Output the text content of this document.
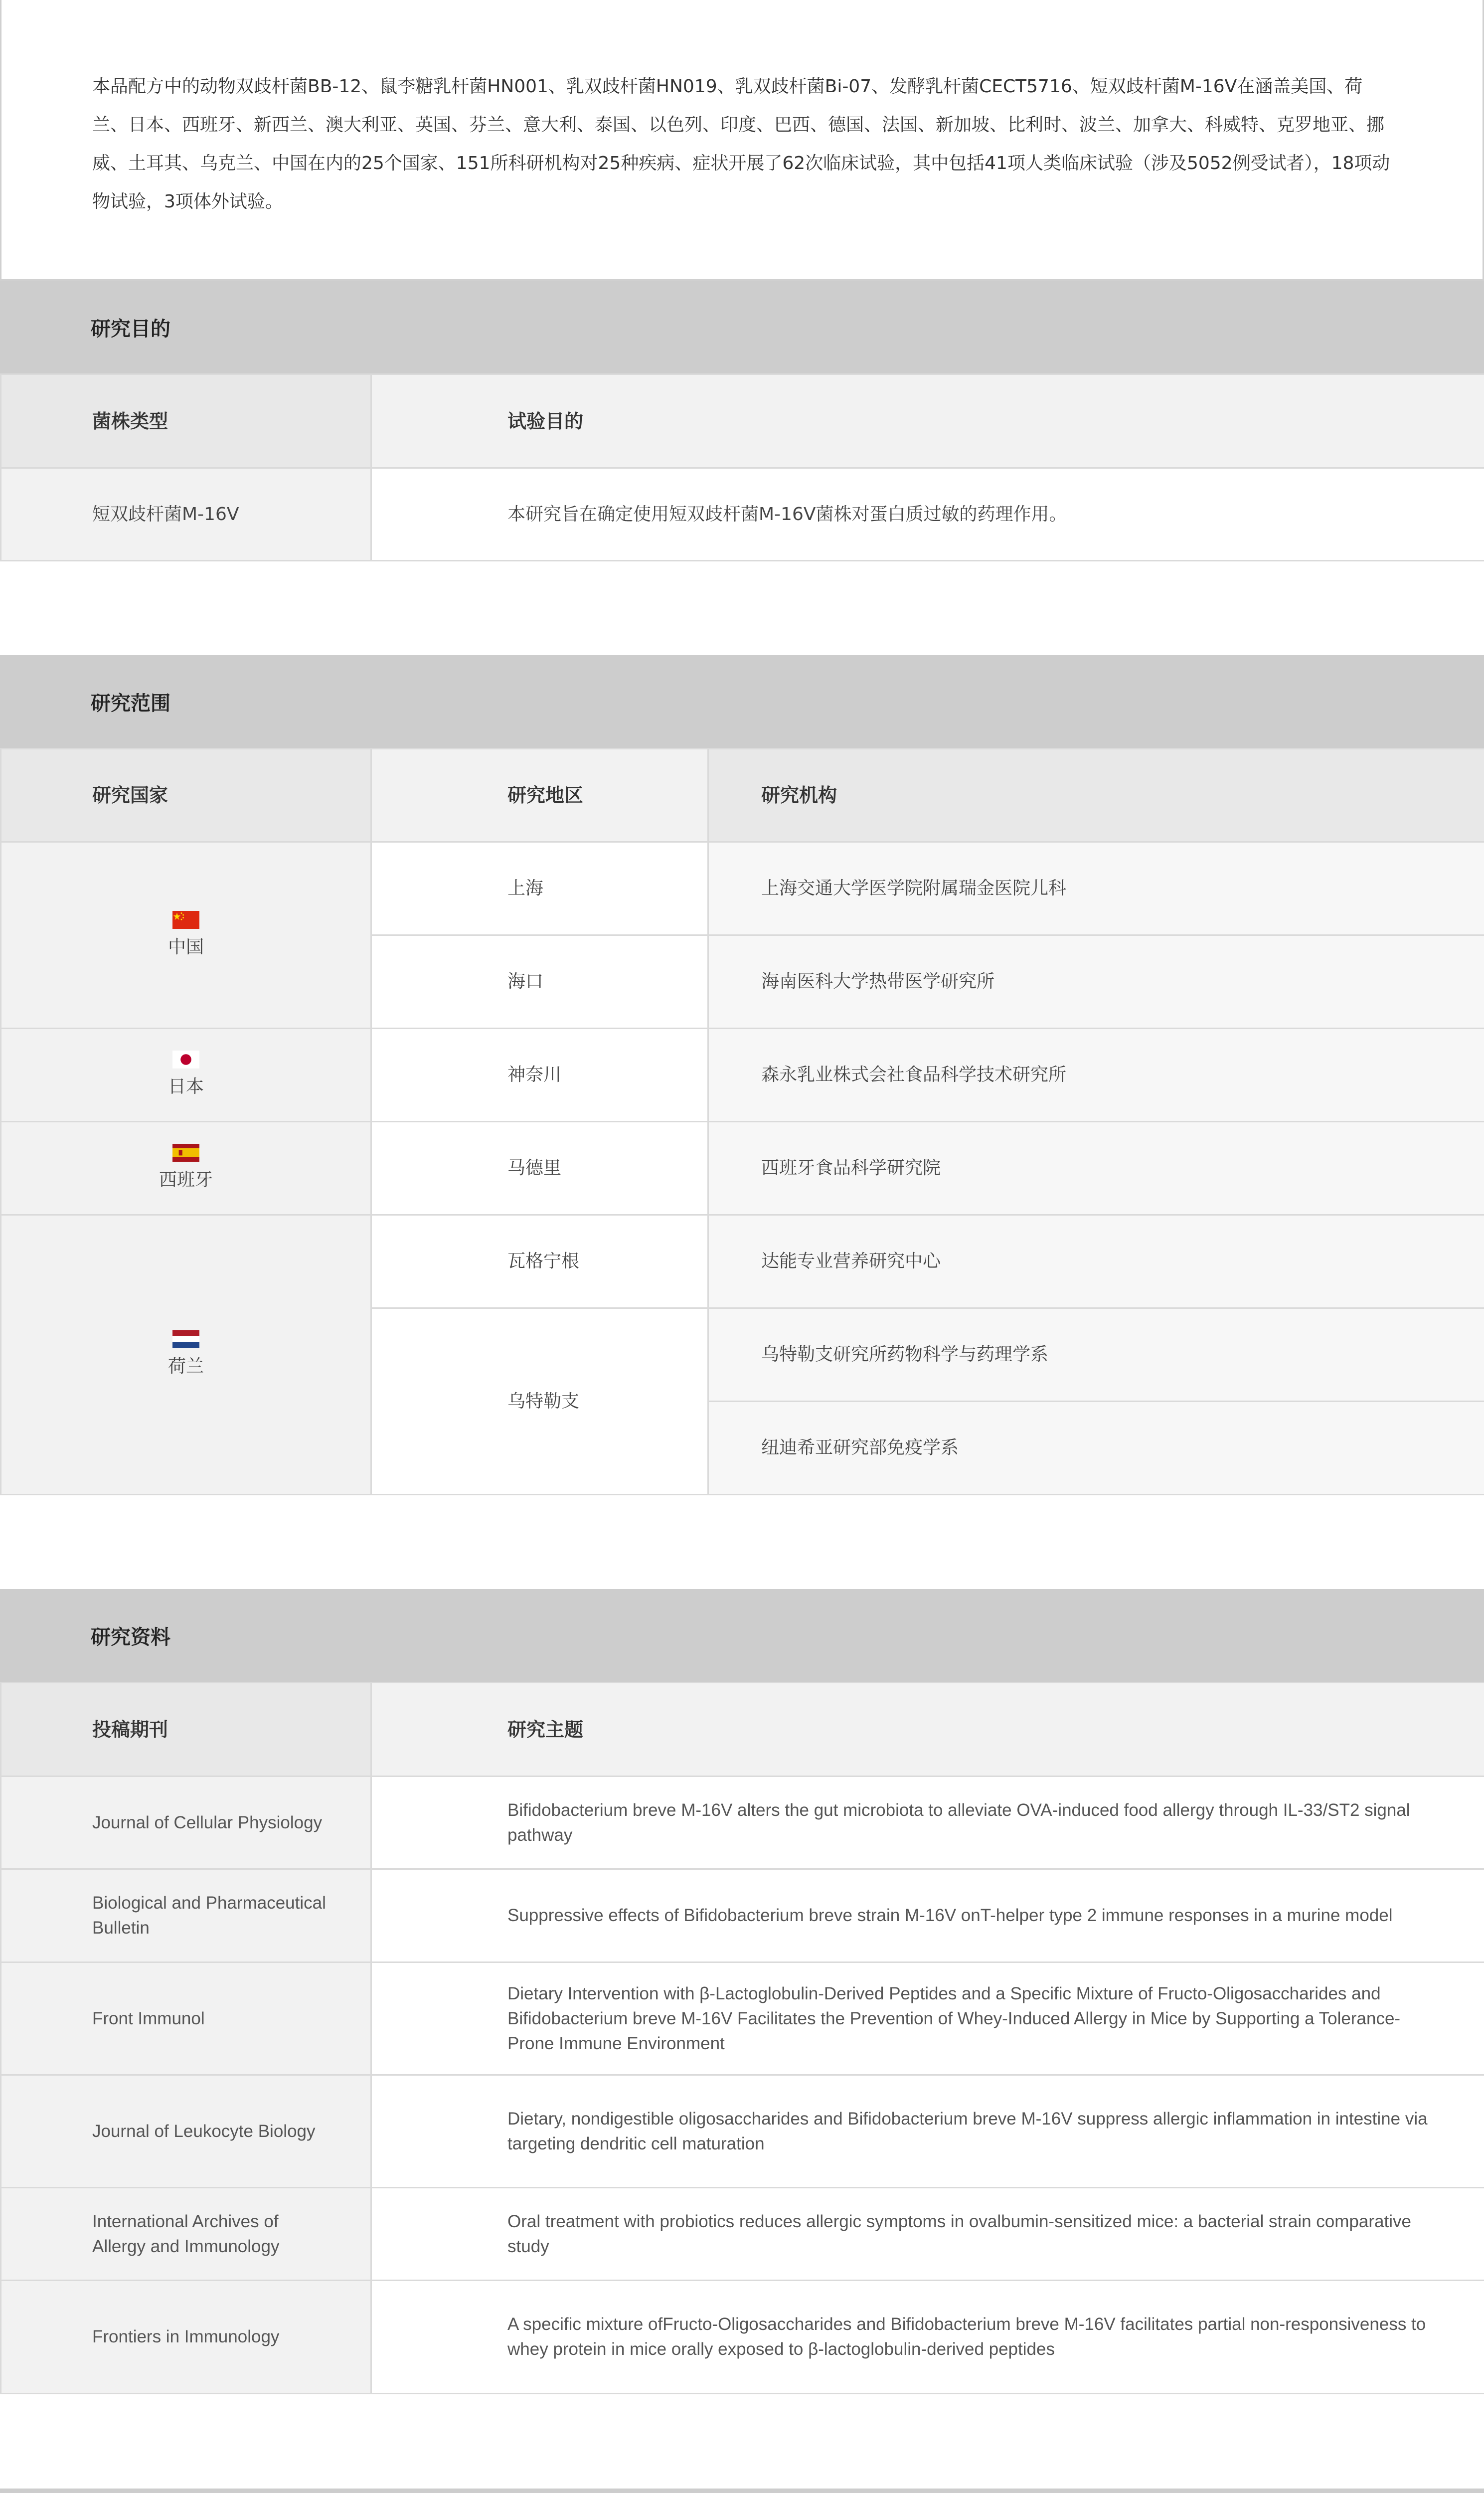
本品配方中的动物双歧杆菌BB-12、鼠李糖乳杆菌HN001、乳双歧杆菌HN019、乳双歧杆菌Bi-07、发酵乳杆菌CECT5716、短双歧杆菌M-16V在涵盖美国、荷兰、日本、西班牙、新西兰、澳大利亚、英国、芬兰、意大利、泰国、以色列、印度、巴西、德国、法国、新加坡、比利时、波兰、加拿大、科威特、克罗地亚、挪威、土耳其、乌克兰、中国在内的25个国家、151所科研机构对25种疾病、症状开展了62次临床试验，其中包括41项人类临床试验（涉及5052例受试者），18项动物试验，3项体外试验。

研究目的
菌株类型	试验目的
短双歧杆菌M-16V	本研究旨在确定使用短双歧杆菌M-16V菌株对蛋白质过敏的药理作用。
研究范围
研究国家	研究地区	研究机构

中国	上海	上海交通大学医学院附属瑞金医院儿科
	海口	海南医科大学热带医学研究所

日本	神奈川	森永乳业株式会社食品科学技术研究所

西班牙	马德里	西班牙食品科学研究院

荷兰	瓦格宁根	达能专业营养研究中心
	乌特勒支	乌特勒支研究所药物科学与药理学系
		纽迪希亚研究部免疫学系
研究资料
投稿期刊	研究主题
Journal of Cellular Physiology	Bifidobacterium breve M-16V alters the gut microbiota to alleviate OVA-induced food allergy through IL-33/ST2 signal pathway
Biological and Pharmaceutical Bulletin	Suppressive effects of Bifidobacterium breve strain M-16V onT-helper type 2 immune responses in a murine model
Front Immunol	Dietary Intervention with β-Lactoglobulin-Derived Peptides and a Specific Mixture of Fructo-Oligosaccharides and Bifidobacterium breve M-16V Facilitates the Prevention of Whey-Induced Allergy in Mice by Supporting a Tolerance-Prone Immune Environment
Journal of Leukocyte Biology	Dietary, nondigestible oligosaccharides and Bifidobacterium breve M-16V suppress allergic inflammation in intestine via targeting dendritic cell maturation
International Archives of Allergy and Immunology	Oral treatment with probiotics reduces allergic symptoms in ovalbumin-sensitized mice: a bacterial strain comparative study
Frontiers in Immunology	A specific mixture ofFructo-Oligosaccharides and Bifidobacterium breve M-16V facilitates partial non-responsiveness to whey protein in mice orally exposed to β-lactoglobulin-derived peptides
